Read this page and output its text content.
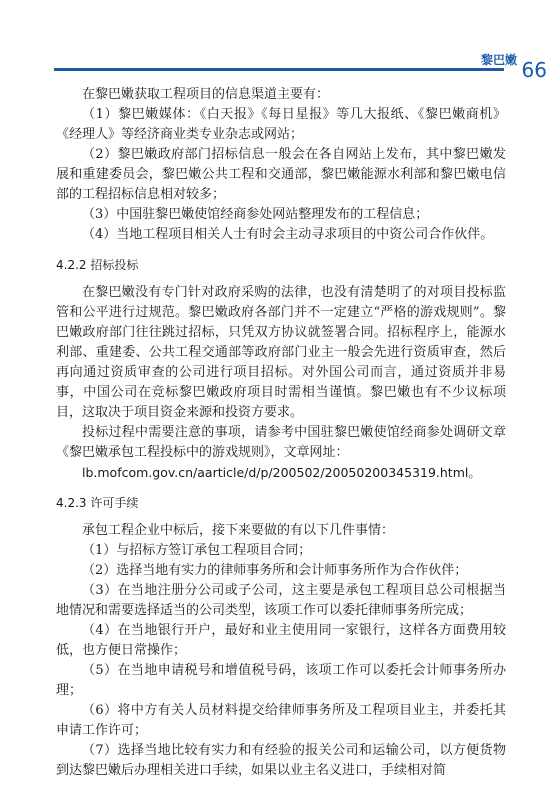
黎巴嫩 66

在黎巴嫩获取工程项目的信息渠道主要有：

（1）黎巴嫩媒体：《白天报》《每日星报》等几大报纸、《黎巴嫩商机》《经理人》等经济商业类专业杂志或网站；

（2）黎巴嫩政府部门招标信息一般会在各自网站上发布，其中黎巴嫩发展和重建委员会，黎巴嫩公共工程和交通部，黎巴嫩能源水利部和黎巴嫩电信部的工程招标信息相对较多；

（3）中国驻黎巴嫩使馆经商参处网站整理发布的工程信息；

（4）当地工程项目相关人士有时会主动寻求项目的中资公司合作伙伴。

4.2.2 招标投标

在黎巴嫩没有专门针对政府采购的法律，也没有清楚明了的对项目投标监管和公平进行过规范。黎巴嫩政府各部门并不一定建立“严格的游戏规则”。黎巴嫩政府部门往往跳过招标，只凭双方协议就签署合同。招标程序上，能源水利部、重建委、公共工程交通部等政府部门业主一般会先进行资质审查，然后再向通过资质审查的公司进行项目招标。对外国公司而言，通过资质并非易事，中国公司在竞标黎巴嫩政府项目时需相当谨慎。黎巴嫩也有不少议标项目，这取决于项目资金来源和投资方要求。

投标过程中需要注意的事项，请参考中国驻黎巴嫩使馆经商参处调研文章《黎巴嫩承包工程投标中的游戏规则》，文章网址：

lb.mofcom.gov.cn/aarticle/d/p/200502/20050200345319.html。

4.2.3 许可手续

承包工程企业中标后，接下来要做的有以下几件事情：

（1）与招标方签订承包工程项目合同；

（2）选择当地有实力的律师事务所和会计师事务所作为合作伙伴；

（3）在当地注册分公司或子公司，这主要是承包工程项目总公司根据当地情况和需要选择适当的公司类型，该项工作可以委托律师事务所完成；

（4）在当地银行开户，最好和业主使用同一家银行，这样各方面费用较低，也方便日常操作；

（5）在当地申请税号和增值税号码，该项工作可以委托会计师事务所办理；

（6）将中方有关人员材料提交给律师事务所及工程项目业主，并委托其申请工作许可；

（7）选择当地比较有实力和有经验的报关公司和运输公司，以方便货物到达黎巴嫩后办理相关进口手续，如果以业主名义进口，手续相对简
